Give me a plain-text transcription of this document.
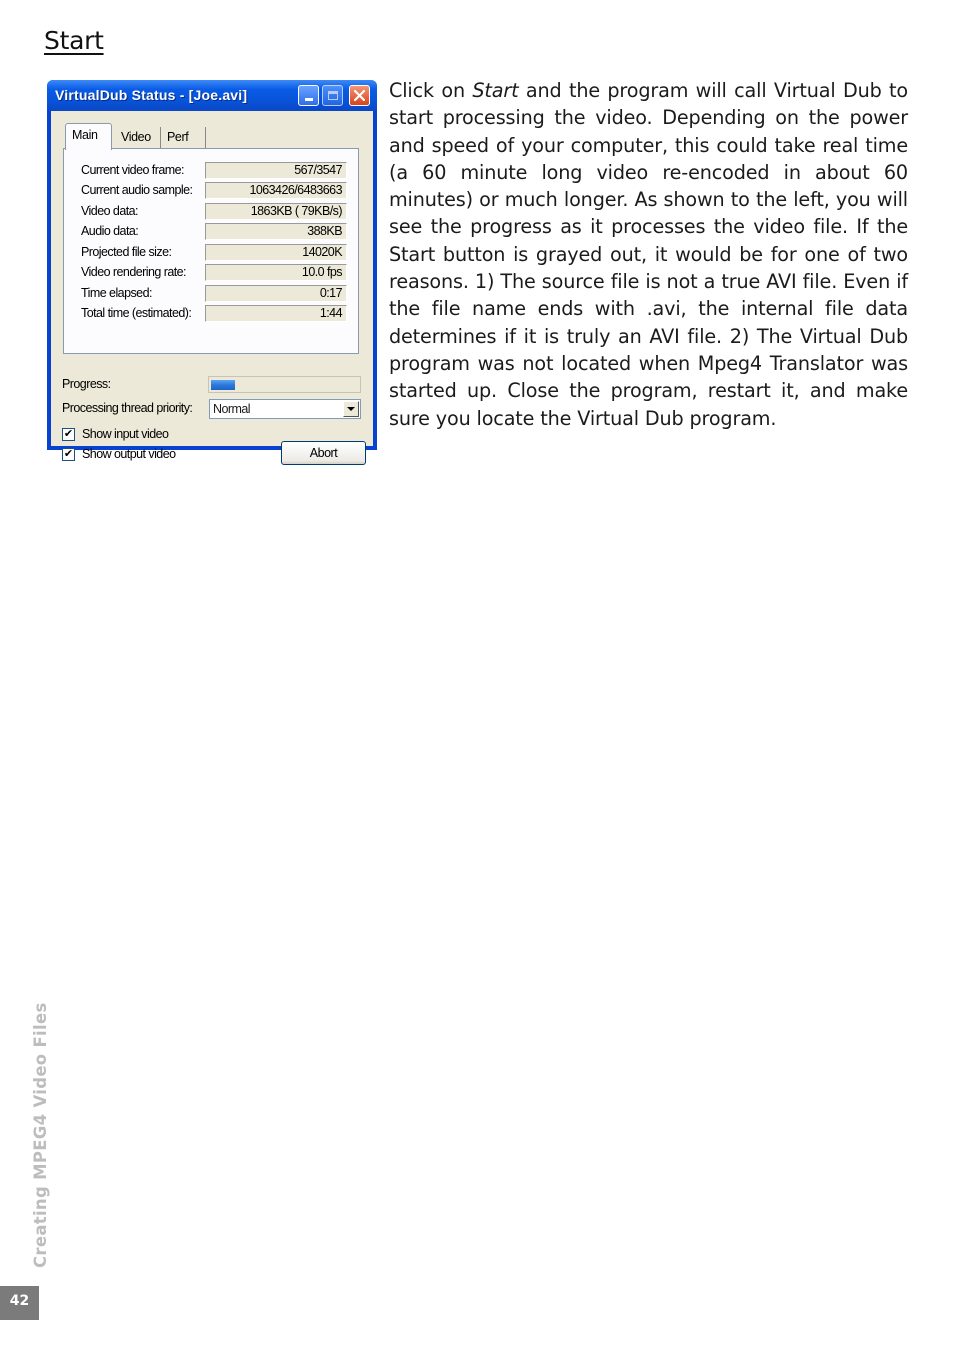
Start
VirtualDub Status - [Joe.avi]
Main	Video	Perf
Current video frame:	567/3547
Current audio sample:	1063426/6483663
Video data:	1863KB ( 79KB/s)
Audio data:	388KB
Projected file size:	14020K
Video rendering rate:	10.0 fps
Time elapsed:	0:17
Total time (estimated):	1:44
Progress:
Processing thread priority: Normal
✔ Show input video
✔ Show output video	Abort
Click on Start and the program will call Virtual Dub to start processing the video. Depending on the power and speed of your computer, this could take real time (a 60 minute long video re-encoded in about 60 minutes) or much longer. As shown to the left, you will see the progress as it processes the video file. If the Start button is grayed out, it would be for one of two reasons. 1) The source file is not a true AVI file. Even if the file name ends with .avi, the internal file data determines if it is truly an AVI file. 2) The Virtual Dub program was not located when Mpeg4 Translator was started up. Close the program, restart it, and make sure you locate the Virtual Dub program.
Creating MPEG4 Video Files
42
